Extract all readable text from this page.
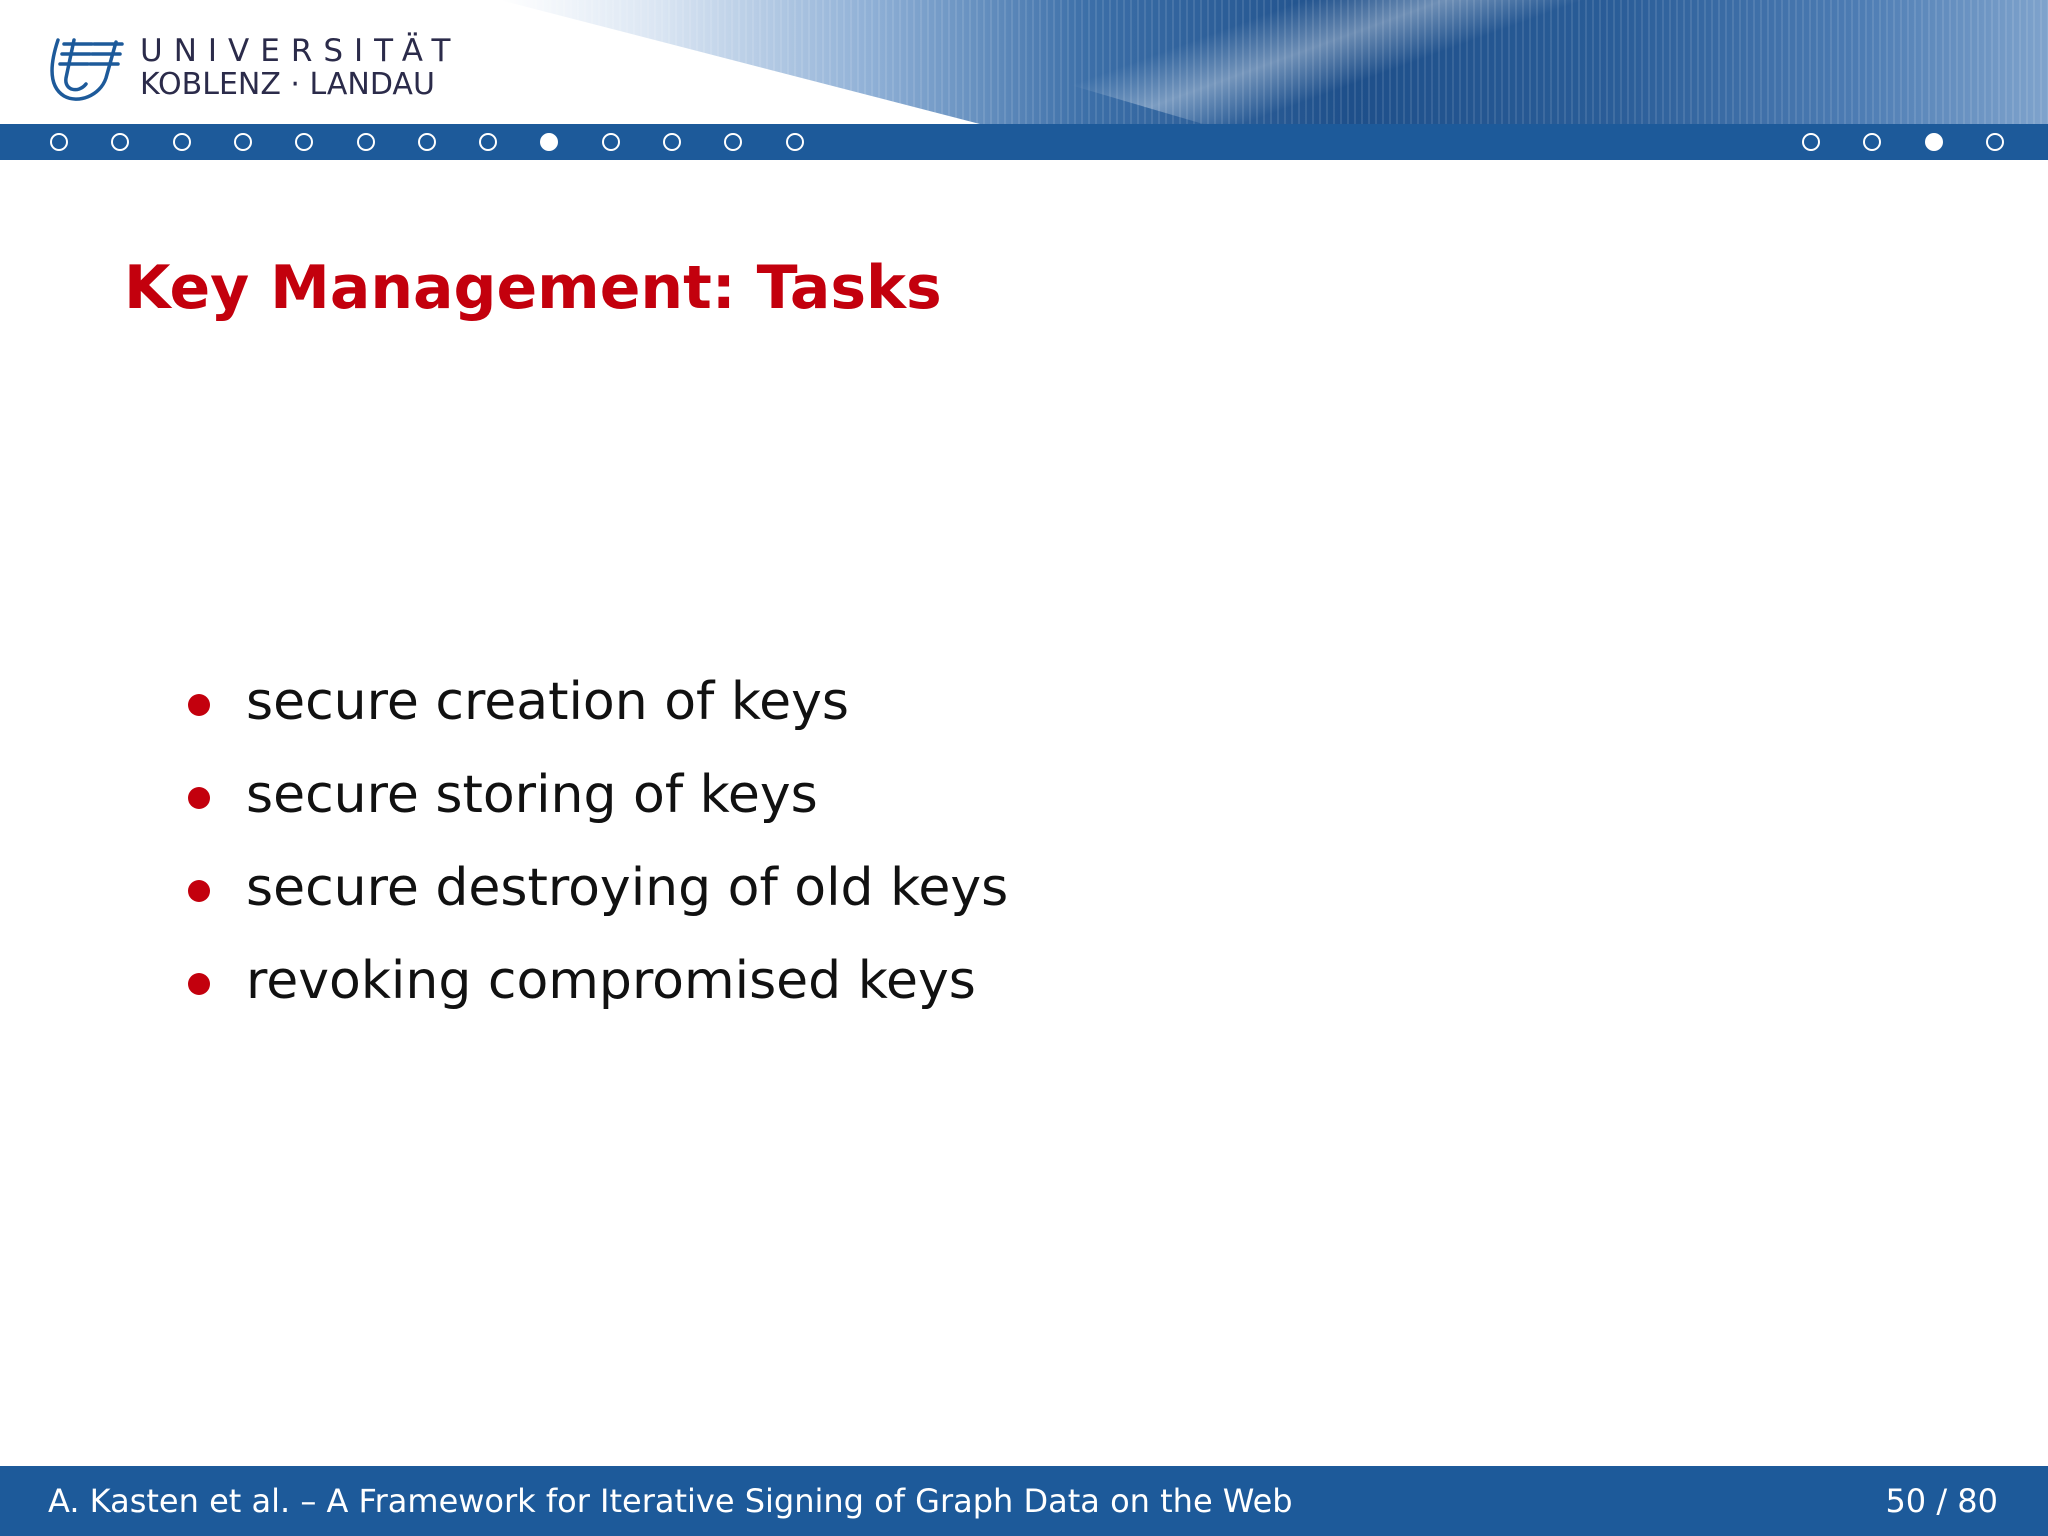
UNIVERSITÄT

KOBLENZ · LANDAU

Key Management: Tasks
secure creation of keys
secure storing of keys
secure destroying of old keys
revoking compromised keys
A. Kasten et al. – A Framework for Iterative Signing of Graph Data on the Web	50 / 80
